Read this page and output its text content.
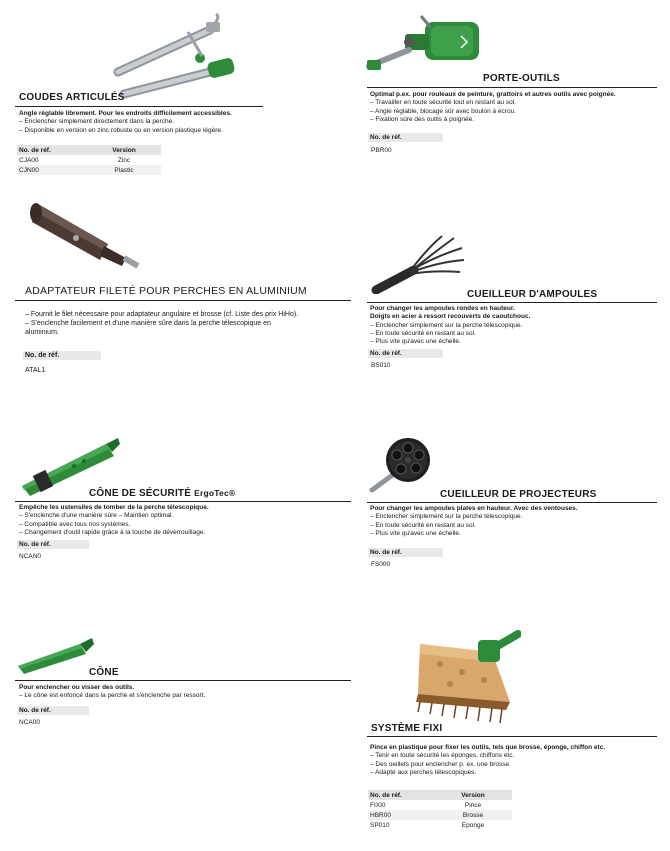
COUDES ARTICULÉS
Angle réglable librement. Pour les endroits difficilement accessibles.
– Enclencher simplement directement dans la perche.
– Disponible en version en zinc robuste ou en version plastique légère.
No. de réf.	Version
CJA00	Zinc
CJN00	Plastic
PORTE-OUTILS
Optimal p.ex. pour rouleaux de peinture, grattoirs et autres outils avec poignée.
– Travailler en toute sécurité tout en restant au sol.
– Angle réglable, blocage sûr avec boulon à écrou.
– Fixation sûre des outils à poignée.
No. de réf.
PBR00
ADAPTATEUR FILETÉ POUR PERCHES EN ALUMINIUM
– Fournit le filet nécessaire pour adaptateur angulaire et brosse (cf. Liste des prix HiHo).
– S'enclenche facilement et d'une manière sûre dans la perche télescopique en
aluminium.
No. de réf.
ATAL1
CUEILLEUR D'AMPOULES
Pour changer les ampoules rondes en hauteur.
Doigts en acier à ressort recouverts de caoutchouc.
– Enclencher simplement sur la perche télescopique.
– En toute sécurité en restant au sol.
– Plus vite qu'avec une échelle.
No. de réf.
BS010
CÔNE DE SÉCURITÉ ErgoTec®
Empêche les ustensiles de tomber de la perche télescopique.
– S'enclenche d'une manière sûre – Maintien optimal.
– Compatible avec tous nos systèmes.
– Changement d'outil rapide grâce à la touche de déverrouillage.
No. de réf.
NCAN0
CUEILLEUR DE PROJECTEURS
Pour changer les ampoules plates en hauteur. Avec des ventouses.
– Enclencher simplement sur la perche télescopique.
– En toute sécurité en restant au sol.
– Plus vite qu'avec une échelle.
No. de réf.
FS000
CÔNE
Pour enclencher ou visser des outils.
– Le cône est enfoncé dans la perche et s'enclenche par ressort.
No. de réf.
NCA00
SYSTÈME FIXI
Pince en plastique pour fixer les outils, tels que brosse, éponge, chiffon etc.
– Tenir en toute sécurité les éponges, chiffons etc.
– Des oeillets pour enclencher p. ex. une brosse.
– Adapté aux perches télescopiques.
No. de réf.	Version
FIXI0	Pince
HBR00	Brosse
SP010	Eponge
